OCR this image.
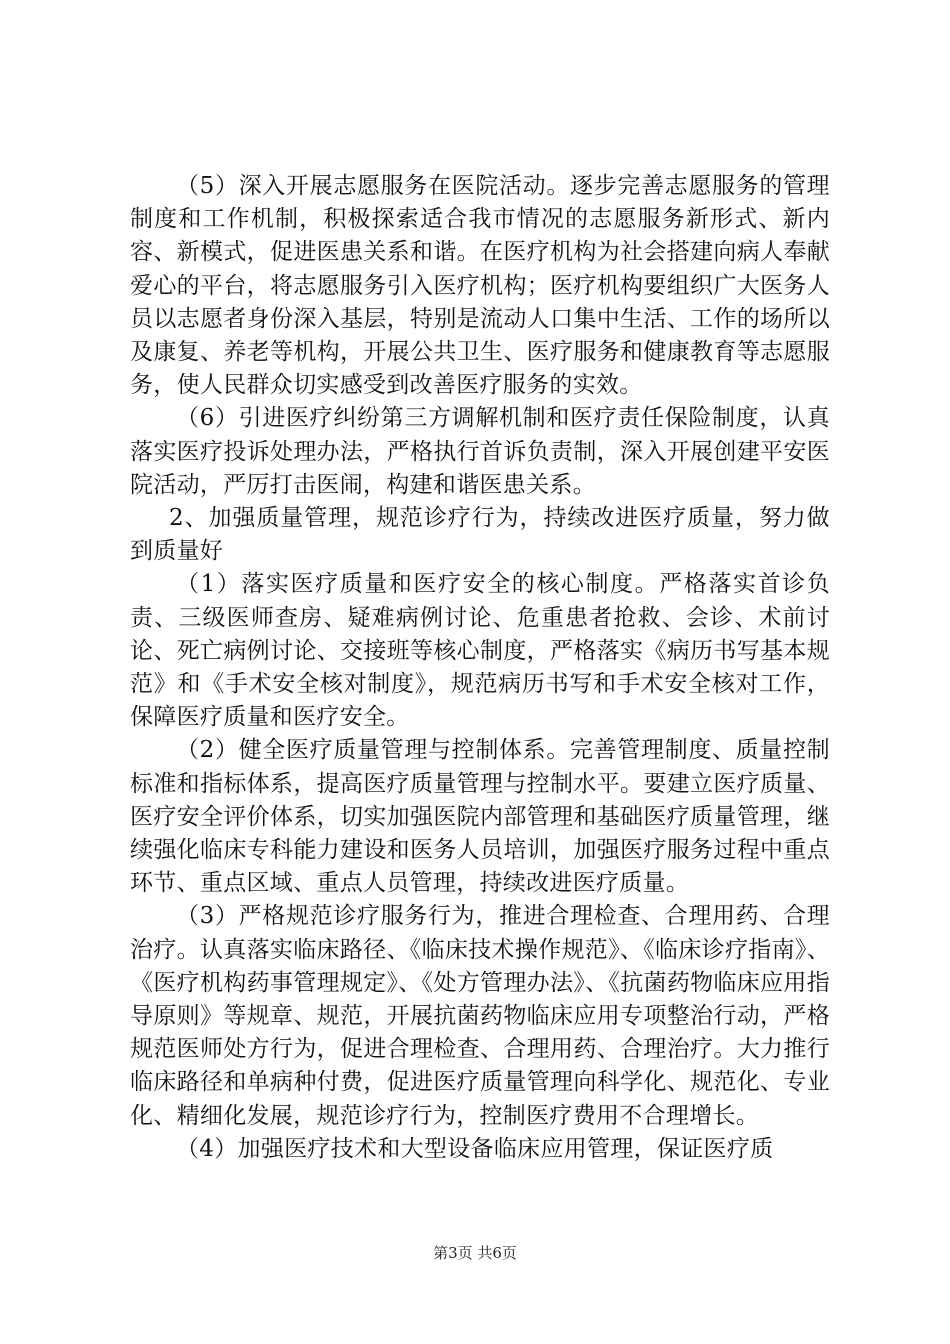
（5）深入开展志愿服务在医院活动。逐步完善志愿服务的管理制度和工作机制，积极探索适合我市情况的志愿服务新形式、新内容、新模式，促进医患关系和谐。在医疗机构为社会搭建向病人奉献爱心的平台，将志愿服务引入医疗机构；医疗机构要组织广大医务人员以志愿者身份深入基层，特别是流动人口集中生活、工作的场所以及康复、养老等机构，开展公共卫生、医疗服务和健康教育等志愿服务，使人民群众切实感受到改善医疗服务的实效。

（6）引进医疗纠纷第三方调解机制和医疗责任保险制度，认真落实医疗投诉处理办法，严格执行首诉负责制，深入开展创建平安医院活动，严厉打击医闹，构建和谐医患关系。

2、加强质量管理，规范诊疗行为，持续改进医疗质量，努力做到质量好

（1）落实医疗质量和医疗安全的核心制度。严格落实首诊负责、三级医师查房、疑难病例讨论、危重患者抢救、会诊、术前讨论、死亡病例讨论、交接班等核心制度，严格落实《病历书写基本规范》和《手术安全核对制度》，规范病历书写和手术安全核对工作，保障医疗质量和医疗安全。

（2）健全医疗质量管理与控制体系。完善管理制度、质量控制标准和指标体系，提高医疗质量管理与控制水平。要建立医疗质量、医疗安全评价体系，切实加强医院内部管理和基础医疗质量管理，继续强化临床专科能力建设和医务人员培训，加强医疗服务过程中重点环节、重点区域、重点人员管理，持续改进医疗质量。

（3）严格规范诊疗服务行为，推进合理检查、合理用药、合理治疗。认真落实临床路径、《临床技术操作规范》、《临床诊疗指南》、《医疗机构药事管理规定》、《处方管理办法》、《抗菌药物临床应用指导原则》等规章、规范，开展抗菌药物临床应用专项整治行动，严格规范医师处方行为，促进合理检查、合理用药、合理治疗。大力推行临床路径和单病种付费，促进医疗质量管理向科学化、规范化、专业化、精细化发展，规范诊疗行为，控制医疗费用不合理增长。

（4）加强医疗技术和大型设备临床应用管理，保证医疗质

第3页 共6页
